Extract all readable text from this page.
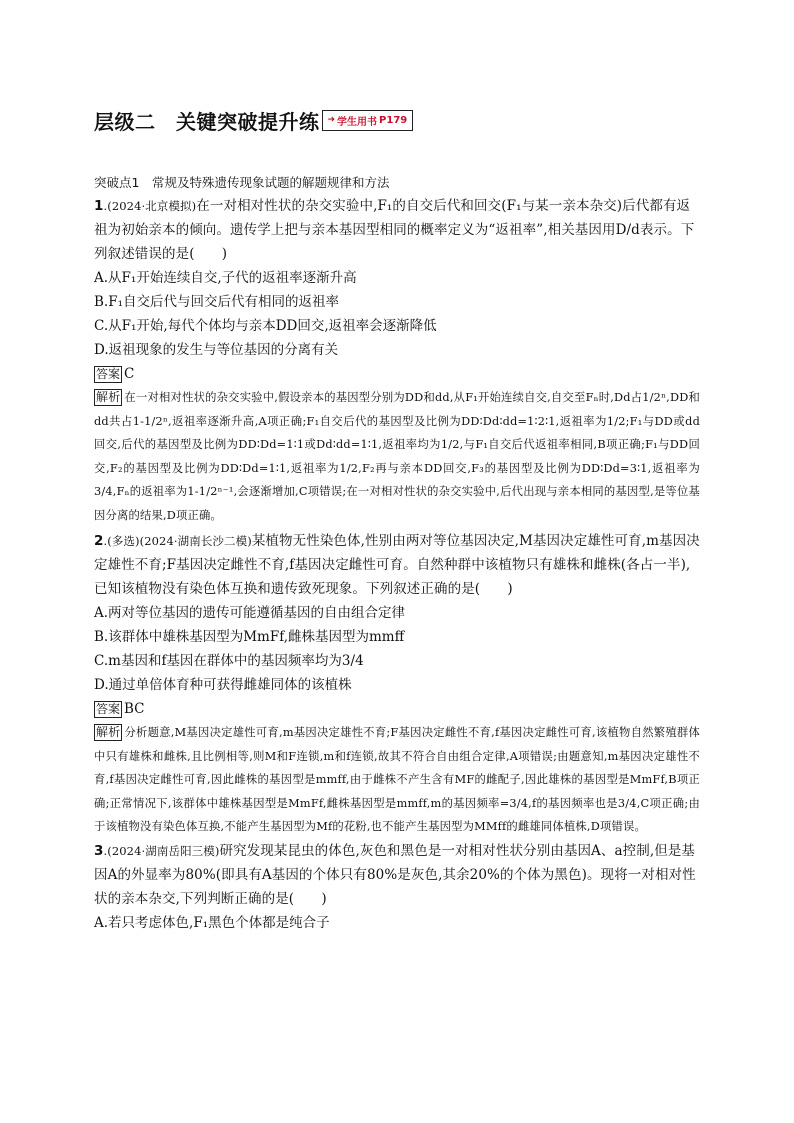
层级二　关键突破提升练 ➜ 学生用书 P179
突破点1　常规及特殊遗传现象试题的解题规律和方法
1.(2024·北京模拟)在一对相对性状的杂交实验中,F₁的自交后代和回交(F₁与某一亲本杂交)后代都有返祖为初始亲本的倾向。遗传学上把与亲本基因型相同的概率定义为“返祖率”,相关基因用D/d表示。下列叙述错误的是(　　)
A.从F₁开始连续自交,子代的返祖率逐渐升高
B.F₁自交后代与回交后代有相同的返祖率
C.从F₁开始,每代个体均与亲本DD回交,返祖率会逐渐降低
D.返祖现象的发生与等位基因的分离有关
答案 C
解析 在一对相对性状的杂交实验中,假设亲本的基因型分别为DD和dd,从F₁开始连续自交,自交至Fₙ时,Dd占1/2ⁿ,DD和dd共占1-1/2ⁿ,返祖率逐渐升高,A项正确;F₁自交后代的基因型及比例为DD∶Dd∶dd=1∶2∶1,返祖率为1/2;F₁与DD或dd回交,后代的基因型及比例为DD∶Dd=1∶1或Dd∶dd=1∶1,返祖率均为1/2,与F₁自交后代返祖率相同,B项正确;F₁与DD回交,F₂的基因型及比例为DD∶Dd=1∶1,返祖率为1/2,F₂再与亲本DD回交,F₃的基因型及比例为DD∶Dd=3∶1,返祖率为3/4,Fₙ的返祖率为1-1/2ⁿ⁻¹,会逐渐增加,C项错误;在一对相对性状的杂交实验中,后代出现与亲本相同的基因型,是等位基因分离的结果,D项正确。
2.(多选)(2024·湖南长沙二模)某植物无性染色体,性别由两对等位基因决定,M基因决定雄性可育,m基因决定雄性不育;F基因决定雌性不育,f基因决定雌性可育。自然种群中该植物只有雄株和雌株(各占一半),已知该植物没有染色体互换和遗传致死现象。下列叙述正确的是(　　)
A.两对等位基因的遗传可能遵循基因的自由组合定律
B.该群体中雄株基因型为MmFf,雌株基因型为mmff
C.m基因和f基因在群体中的基因频率均为3/4
D.通过单倍体育种可获得雌雄同体的该植株
答案 BC
解析 分析题意,M基因决定雄性可育,m基因决定雄性不育;F基因决定雌性不育,f基因决定雌性可育,该植物自然繁殖群体中只有雄株和雌株,且比例相等,则M和F连锁,m和f连锁,故其不符合自由组合定律,A项错误;由题意知,m基因决定雄性不育,f基因决定雌性可育,因此雌株的基因型是mmff,由于雌株不产生含有MF的雌配子,因此雄株的基因型是MmFf,B项正确;正常情况下,该群体中雄株基因型是MmFf,雌株基因型是mmff,m的基因频率=3/4,f的基因频率也是3/4,C项正确;由于该植物没有染色体互换,不能产生基因型为Mf的花粉,也不能产生基因型为MMff的雌雄同体植株,D项错误。
3.(2024·湖南岳阳三模)研究发现某昆虫的体色,灰色和黑色是一对相对性状分别由基因A、a控制,但是基因A的外显率为80%(即具有A基因的个体只有80%是灰色,其余20%的个体为黑色)。现将一对相对性状的亲本杂交,下列判断正确的是(　　)
A.若只考虑体色,F₁黑色个体都是纯合子
